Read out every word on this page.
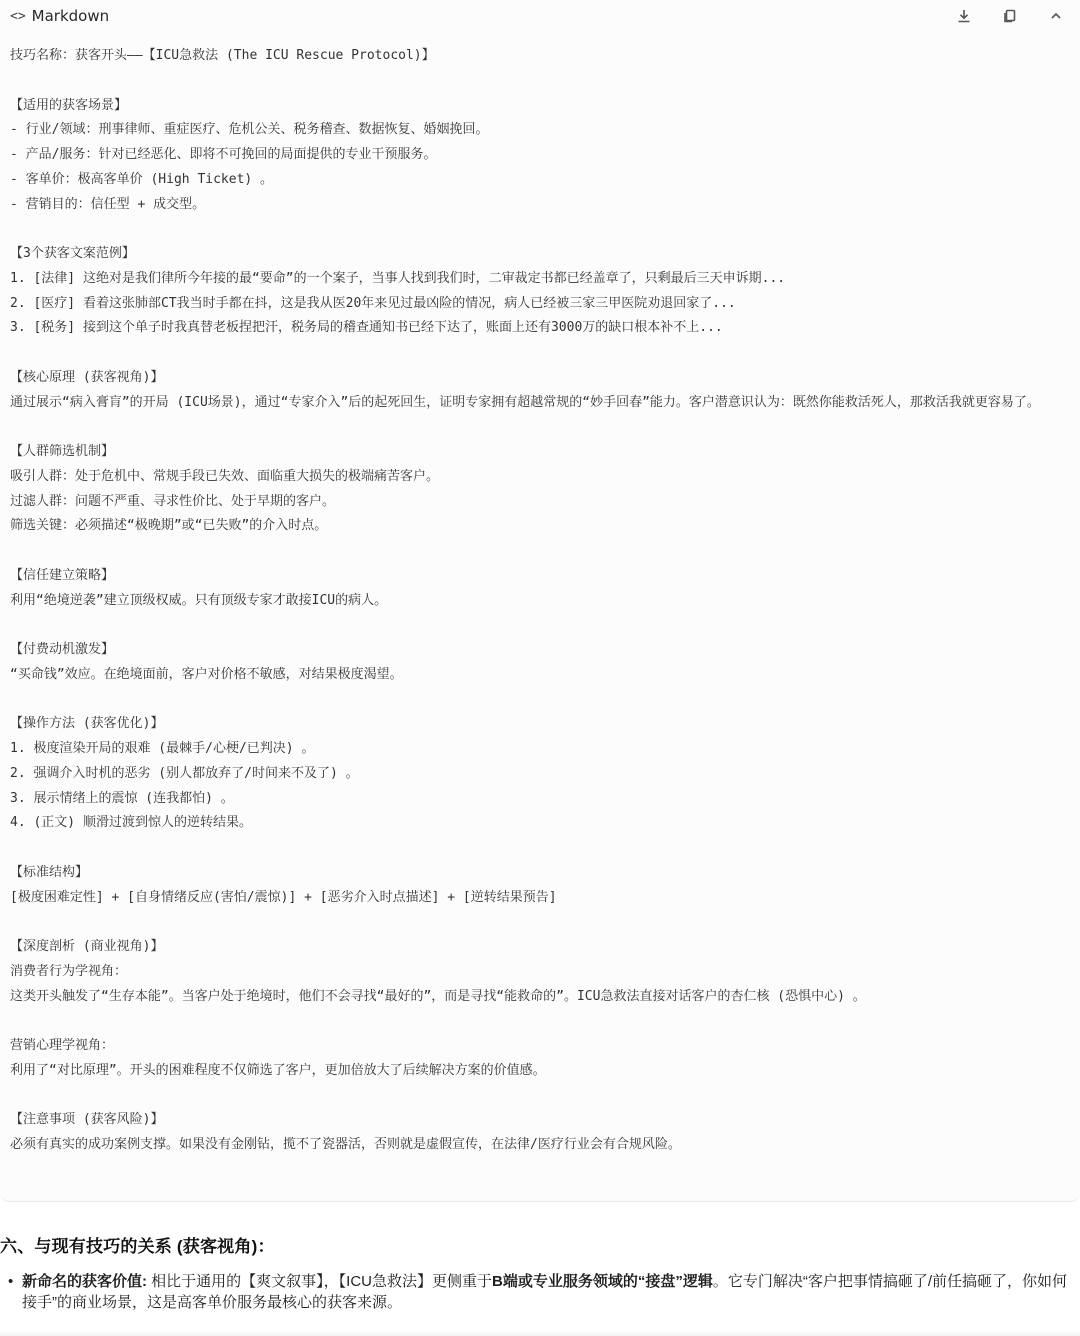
<> Markdown
技巧名称：获客开头——【ICU急救法 (The ICU Rescue Protocol)】

【适用的获客场景】
- 行业/领域：刑事律师、重症医疗、危机公关、税务稽查、数据恢复、婚姻挽回。
- 产品/服务：针对已经恶化、即将不可挽回的局面提供的专业干预服务。
- 客单价：极高客单价 (High Ticket) 。
- 营销目的：信任型 + 成交型。

【3个获客文案范例】
1. [法律] 这绝对是我们律所今年接的最“要命”的一个案子，当事人找到我们时，二审裁定书都已经盖章了，只剩最后三天申诉期...
2. [医疗] 看着这张肺部CT我当时手都在抖，这是我从医20年来见过最凶险的情况，病人已经被三家三甲医院劝退回家了...
3. [税务] 接到这个单子时我真替老板捏把汗，税务局的稽查通知书已经下达了，账面上还有3000万的缺口根本补不上...

【核心原理 (获客视角)】
通过展示“病入膏肓”的开局 (ICU场景)，通过“专家介入”后的起死回生，证明专家拥有超越常规的“妙手回春”能力。客户潜意识认为：既然你能救活死人，那救活我就更容易了。

【人群筛选机制】
吸引人群：处于危机中、常规手段已失效、面临重大损失的极端痛苦客户。
过滤人群：问题不严重、寻求性价比、处于早期的客户。
筛选关键：必须描述“极晚期”或“已失败”的介入时点。

【信任建立策略】
利用“绝境逆袭”建立顶级权威。只有顶级专家才敢接ICU的病人。

【付费动机激发】
“买命钱”效应。在绝境面前，客户对价格不敏感，对结果极度渴望。

【操作方法 (获客优化)】
1. 极度渲染开局的艰难 (最棘手/心梗/已判决) 。
2. 强调介入时机的恶劣 (别人都放弃了/时间来不及了) 。
3. 展示情绪上的震惊 (连我都怕) 。
4. (正文) 顺滑过渡到惊人的逆转结果。

【标准结构】
[极度困难定性] + [自身情绪反应(害怕/震惊)] + [恶劣介入时点描述] + [逆转结果预告]

【深度剖析 (商业视角)】
消费者行为学视角：
这类开头触发了“生存本能”。当客户处于绝境时，他们不会寻找“最好的”，而是寻找“能救命的”。ICU急救法直接对话客户的杏仁核 (恐惧中心) 。

营销心理学视角：
利用了“对比原理”。开头的困难程度不仅筛选了客户，更加倍放大了后续解决方案的价值感。

【注意事项 (获客风险)】
必须有真实的成功案例支撑。如果没有金刚钻，揽不了瓷器活，否则就是虚假宣传，在法律/医疗行业会有合规风险。
六、与现有技巧的关系 (获客视角)：
• 新命名的获客价值: 相比于通用的【爽文叙事】，【ICU急救法】更侧重于B端或专业服务领域的“接盘”逻辑。它专门解决“客户把事情搞砸了/前任搞砸了，你如何接手”的商业场景，这是高客单价服务最核心的获客来源。
